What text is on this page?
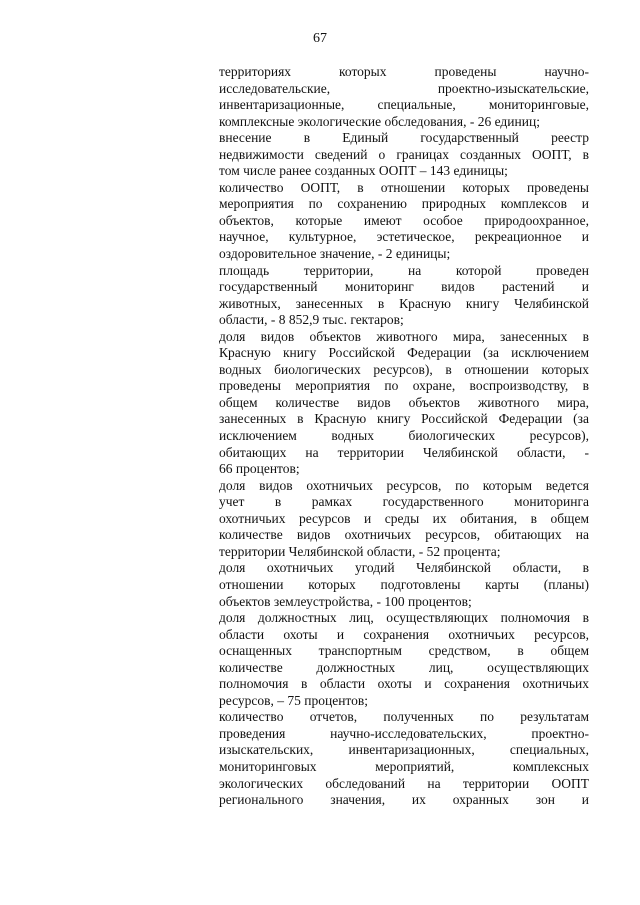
67

территориях которых проведены научно-
исследовательские, проектно-изыскательские,
инвентаризационные, специальные, мониторинговые,
комплексные экологические обследования, - 26 единиц;

внесение в Единый государственный реестр
недвижимости сведений о границах созданных ООПТ, в
том числе ранее созданных ООПТ – 143 единицы;

количество ООПТ, в отношении которых проведены
мероприятия по сохранению природных комплексов и
объектов, которые имеют особое природоохранное,
научное, культурное, эстетическое, рекреационное и
оздоровительное значение, - 2 единицы;

площадь территории, на которой проведен
государственный мониторинг видов растений и
животных, занесенных в Красную книгу Челябинской
области, - 8 852,9 тыс. гектаров;

доля видов объектов животного мира, занесенных в
Красную книгу Российской Федерации (за исключением
водных биологических ресурсов), в отношении которых
проведены мероприятия по охране, воспроизводству, в
общем количестве видов объектов животного мира,
занесенных в Красную книгу Российской Федерации (за
исключением водных биологических ресурсов),
обитающих на территории Челябинской области, -
66 процентов;

доля видов охотничьих ресурсов, по которым ведется
учет в рамках государственного мониторинга
охотничьих ресурсов и среды их обитания, в общем
количестве видов охотничьих ресурсов, обитающих на
территории Челябинской области, - 52 процента;

доля охотничьих угодий Челябинской области, в
отношении которых подготовлены карты (планы)
объектов землеустройства, - 100 процентов;

доля должностных лиц, осуществляющих полномочия в
области охоты и сохранения охотничьих ресурсов,
оснащенных транспортным средством, в общем
количестве должностных лиц, осуществляющих
полномочия в области охоты и сохранения охотничьих
ресурсов, – 75 процентов;

количество отчетов, полученных по результатам
проведения научно-исследовательских, проектно-
изыскательских, инвентаризационных, специальных,
мониторинговых мероприятий, комплексных
экологических обследований на территории ООПТ
регионального значения, их охранных зон и
